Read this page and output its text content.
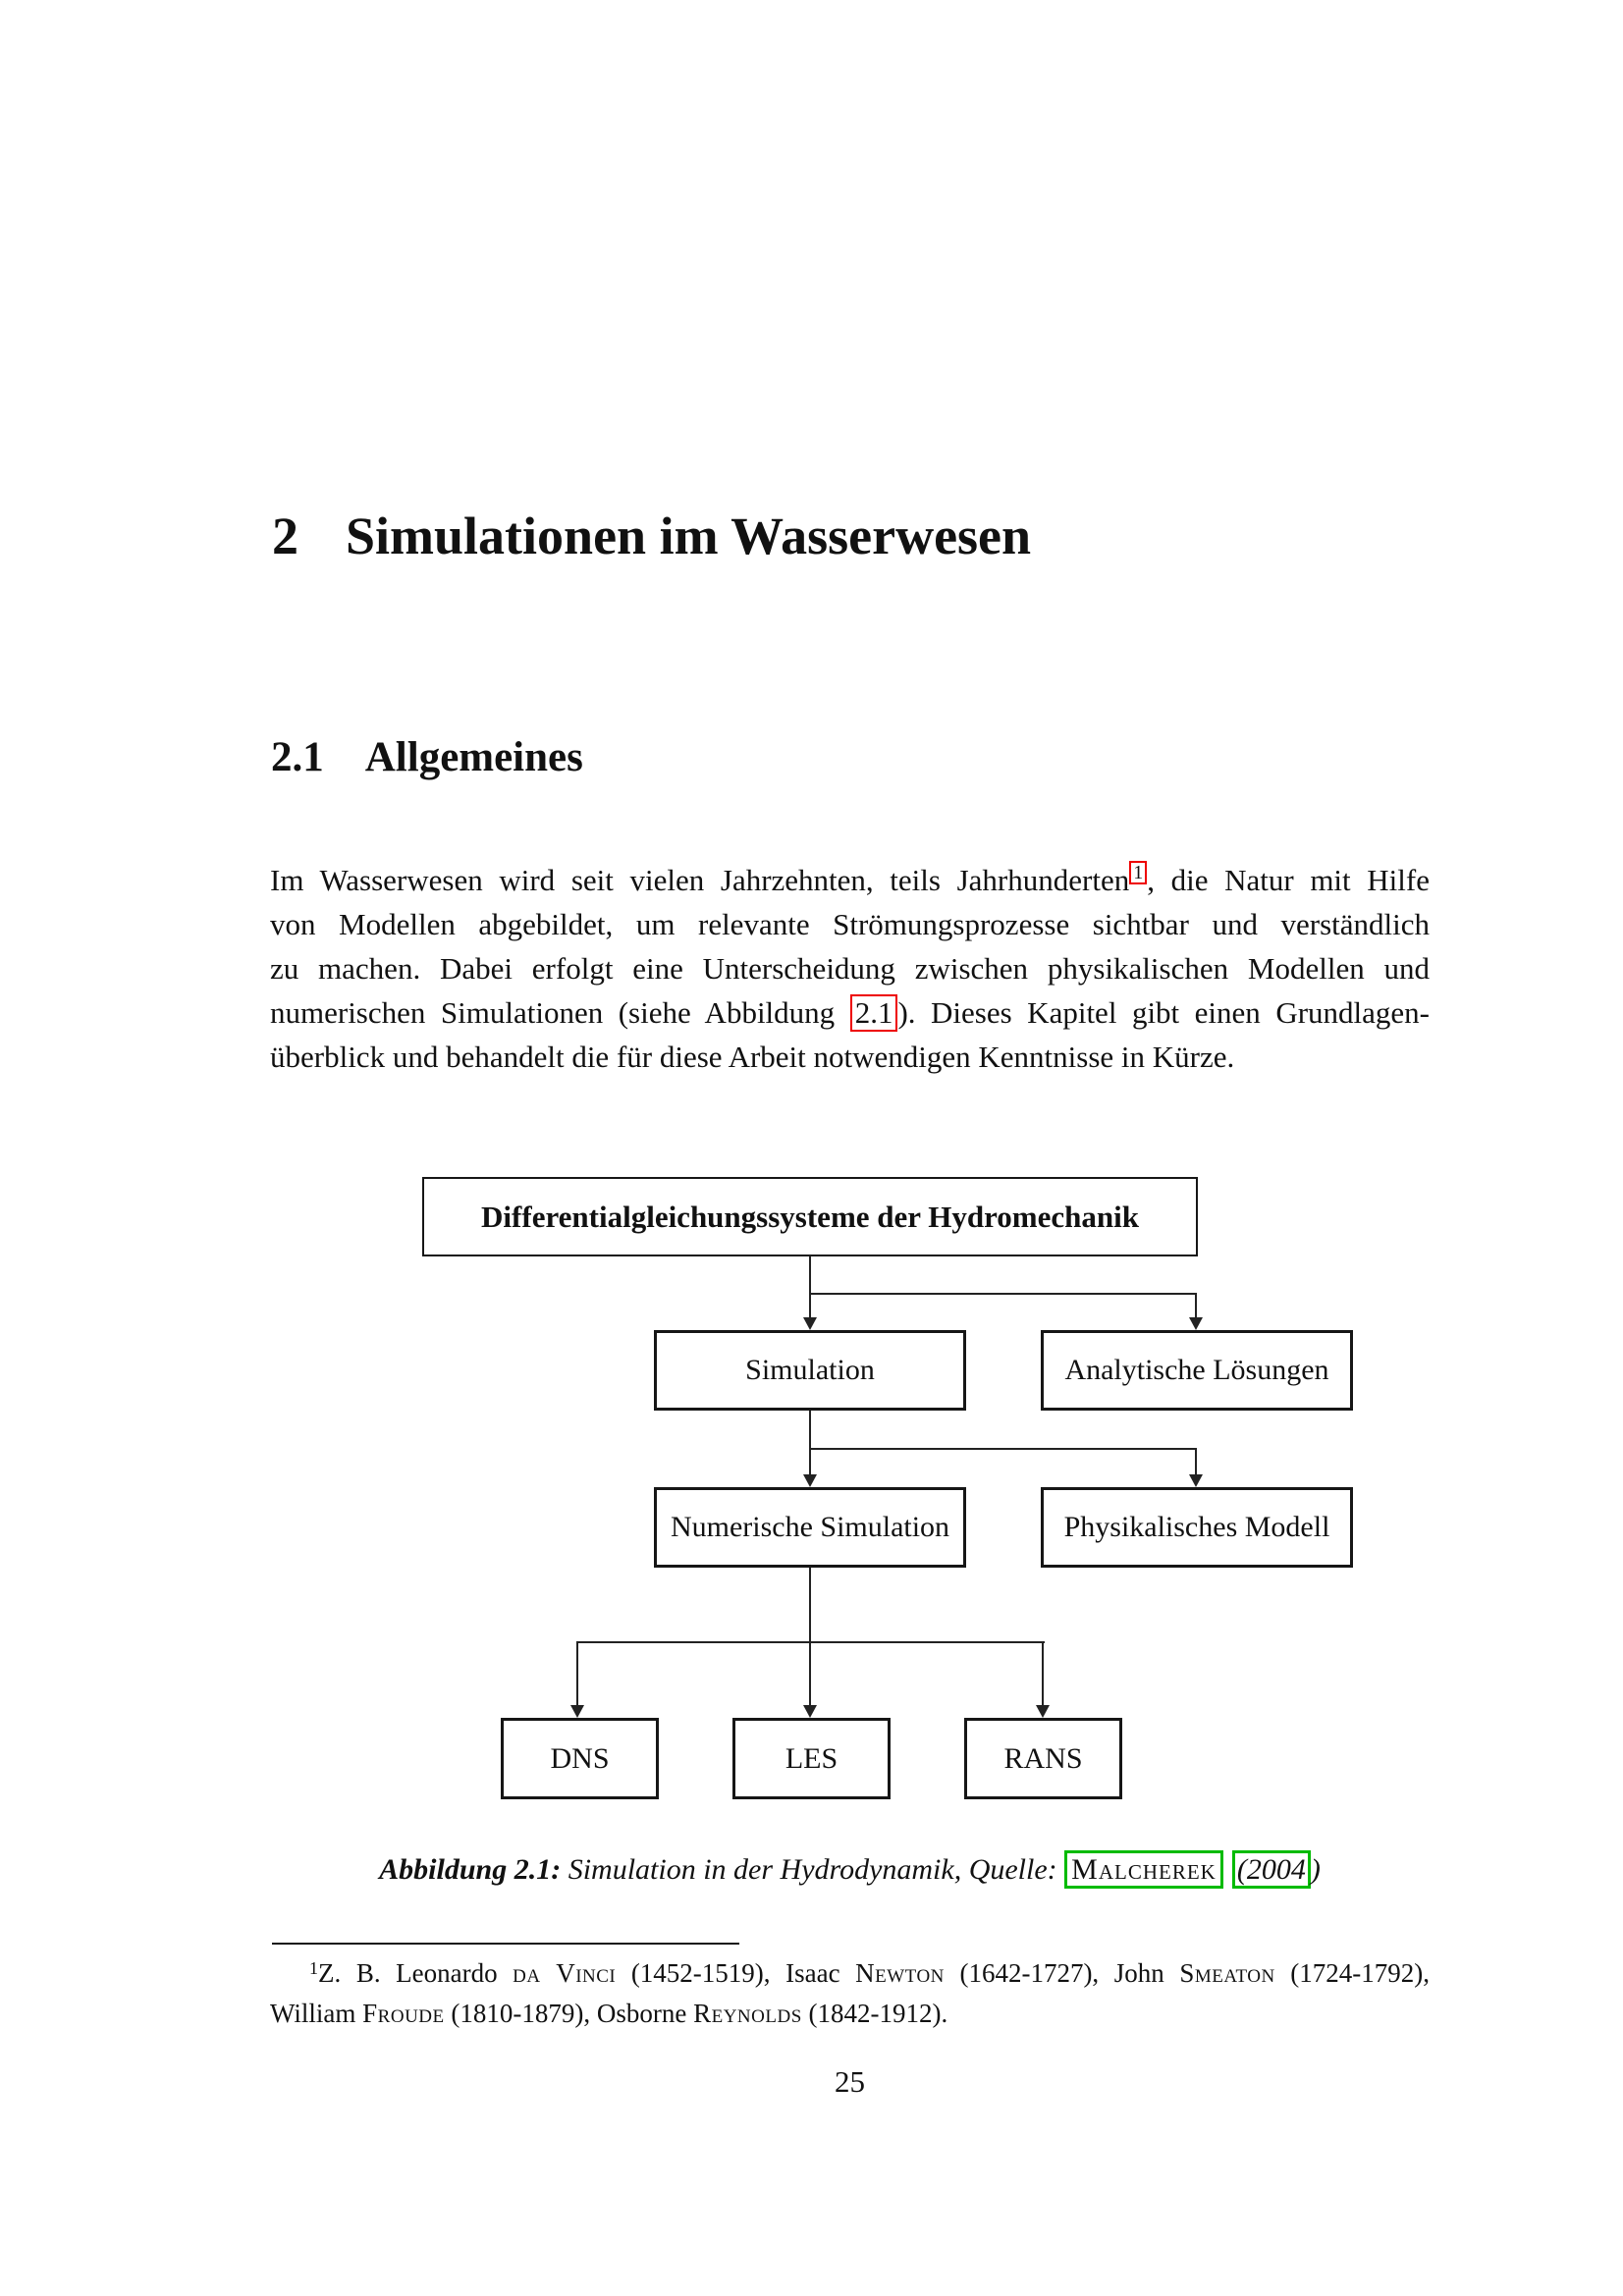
2 Simulationen im Wasserwesen
2.1 Allgemeines
Im Wasserwesen wird seit vielen Jahrzehnten, teils Jahrhunderten 1 , die Natur mit Hilfe
von Modellen abgebildet, um relevante Strömungsprozesse sichtbar und verständlich
zu machen. Dabei erfolgt eine Unterscheidung zwischen physikalischen Modellen und
numerischen Simulationen (siehe Abbildung 2.1 ). Dieses Kapitel gibt einen Grundlagen-
überblick und behandelt die für diese Arbeit notwendigen Kenntnisse in Kürze.
Differentialgleichungssysteme der Hydromechanik
Simulation	Analytische Lösungen
Numerische Simulation	Physikalisches Modell
DNS	LES	RANS
Abbildung 2.1: Simulation in der Hydrodynamik, Quelle: Malcherek (2004 )
$^1$Z. B. Leonardo da Vinci (1452-1519), Isaac Newton (1642-1727), John Smeaton (1724-1792),
William Froude (1810-1879), Osborne Reynolds (1842-1912).
25
